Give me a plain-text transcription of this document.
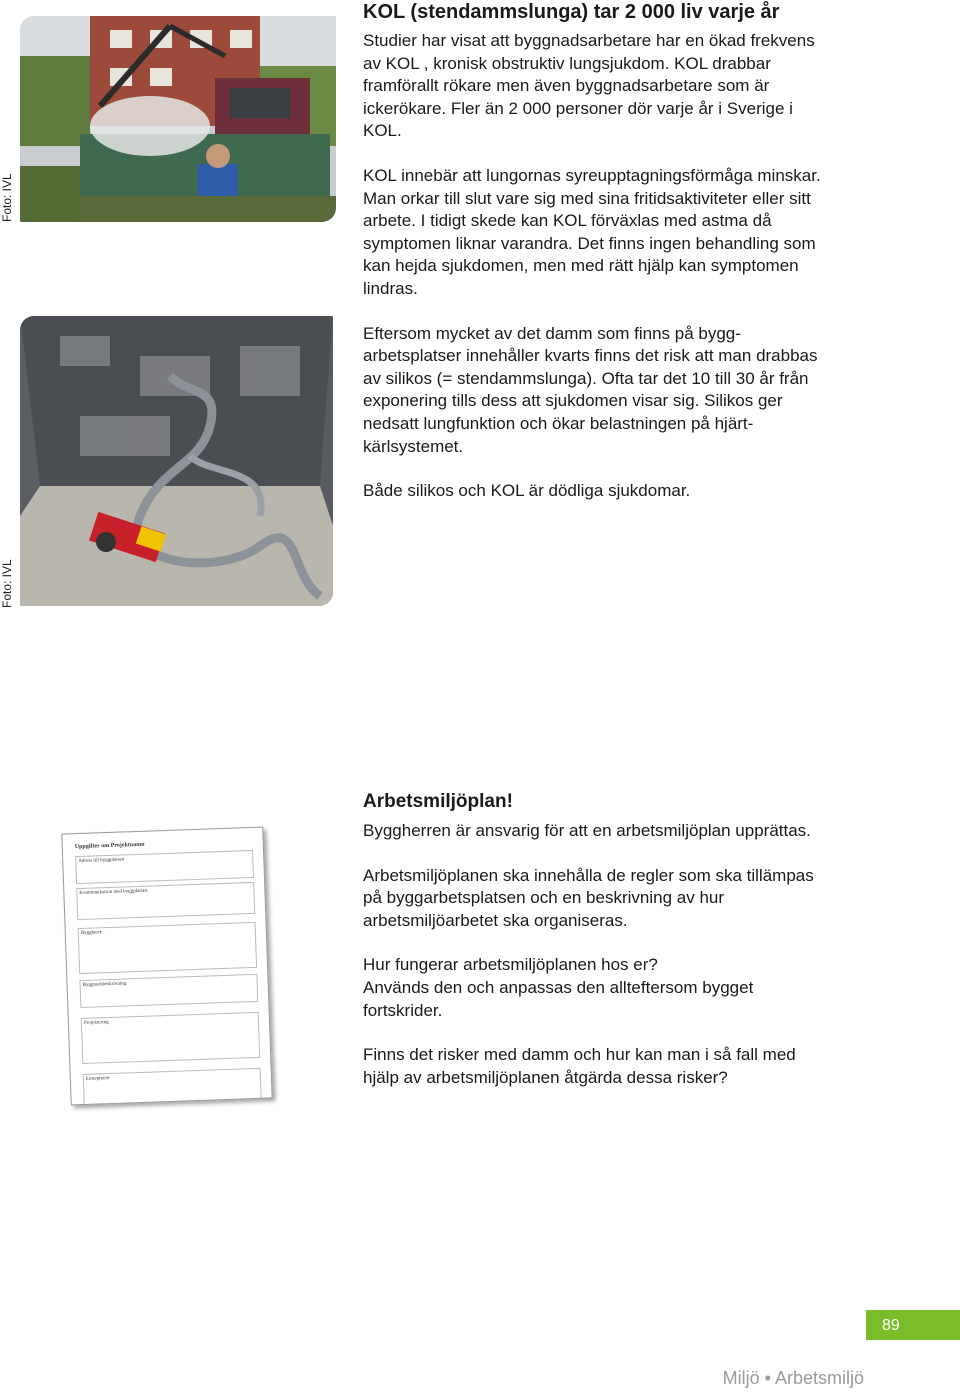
Foto: IVL
Foto: IVL
Uppgifter om Projektnamn
Adress till byggplatsen
Kommunikation med byggplatsen
Byggherre
Byggnadsbeskrivning
Projektering
Entreprenör
KOL (stendammslunga) tar 2 000 liv varje år

Studier har visat att byggnadsarbetare har en ökad frekvens av KOL , kronisk obstruktiv lungsjukdom. KOL drabbar framförallt rökare men även byggnadsarbetare som är ickerökare. Fler än 2 000 personer dör varje år i Sverige i KOL.

KOL innebär att lungornas syreupptagningsförmåga minskar. Man orkar till slut vare sig med sina fritidsaktiviteter eller sitt arbete. I tidigt skede kan KOL förväxlas med astma då symptomen liknar varandra. Det finns ingen behandling som kan hejda sjukdomen, men med rätt hjälp kan symptomen lindras.

Eftersom mycket av det damm som finns på byggarbetsplatser innehåller kvarts finns det risk att man drabbas av silikos (= stendammslunga). Ofta tar det 10 till 30 år från exponering tills dess att sjukdomen visar sig. Silikos ger nedsatt lungfunktion och ökar belastningen på hjärt-kärlsystemet.

Både silikos och KOL är dödliga sjukdomar.

Arbetsmiljöplan!

Byggherren är ansvarig för att en arbetsmiljöplan upprättas.

Arbetsmiljöplanen ska innehålla de regler som ska tillämpas på byggarbetsplatsen och en beskrivning av hur arbetsmiljöarbetet ska organiseras.

Hur fungerar arbetsmiljöplanen hos er?
Används den och anpassas den allteftersom bygget fortskrider.

Finns det risker med damm och hur kan man i så fall med hjälp av arbetsmiljöplanen åtgärda dessa risker?

89
Miljö • Arbetsmiljö
